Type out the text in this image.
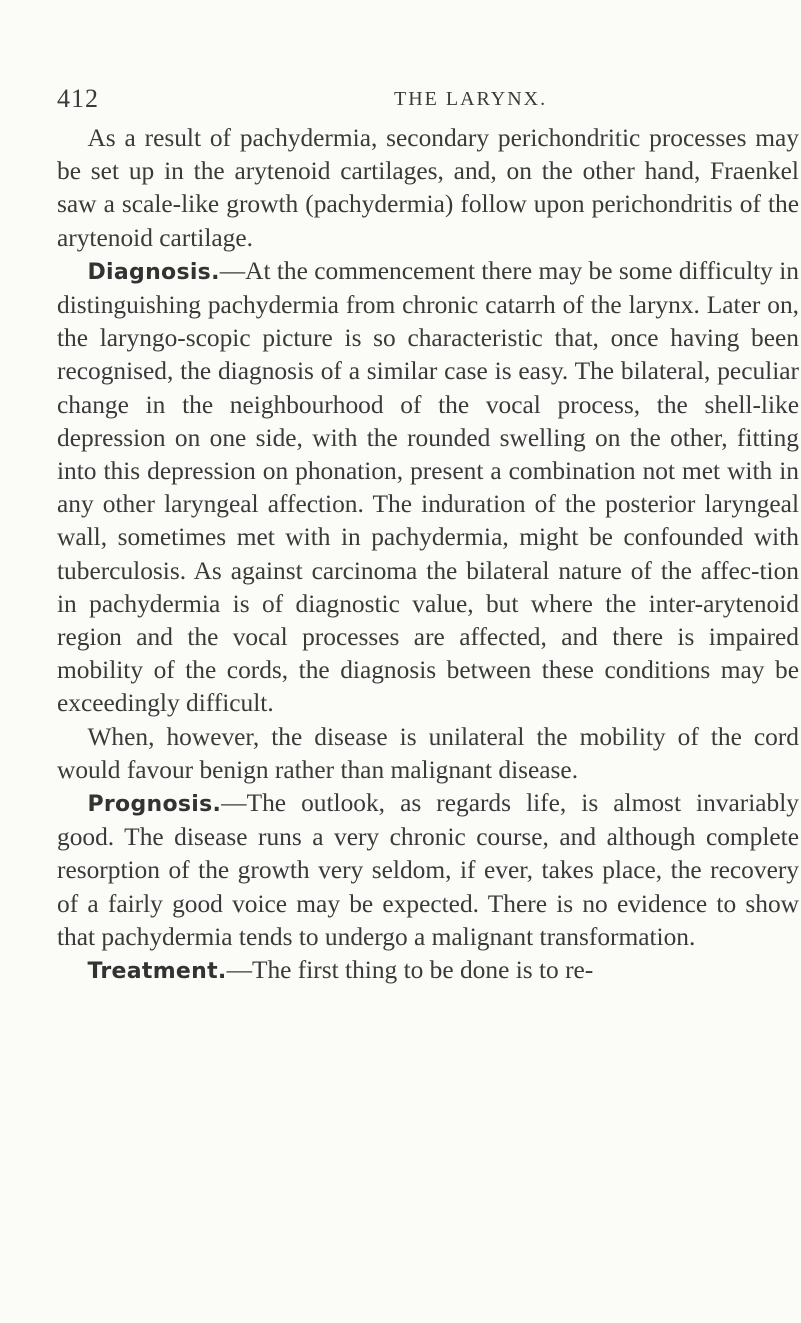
412	THE LARYNX.

As a result of pachydermia, secondary perichondritic processes may be set up in the arytenoid cartilages, and, on the other hand, Fraenkel saw a scale-like growth (pachydermia) follow upon perichondritis of the arytenoid cartilage.

Diagnosis.—At the commencement there may be some difficulty in distinguishing pachydermia from chronic catarrh of the larynx. Later on, the laryngo-scopic picture is so characteristic that, once having been recognised, the diagnosis of a similar case is easy. The bilateral, peculiar change in the neighbourhood of the vocal process, the shell-like depression on one side, with the rounded swelling on the other, fitting into this depression on phonation, present a combination not met with in any other laryngeal affection. The induration of the posterior laryngeal wall, sometimes met with in pachydermia, might be confounded with tuberculosis. As against carcinoma the bilateral nature of the affec-tion in pachydermia is of diagnostic value, but where the inter-arytenoid region and the vocal processes are affected, and there is impaired mobility of the cords, the diagnosis between these conditions may be exceedingly difficult.

When, however, the disease is unilateral the mobility of the cord would favour benign rather than malignant disease.

Prognosis.—The outlook, as regards life, is almost invariably good. The disease runs a very chronic course, and although complete resorption of the growth very seldom, if ever, takes place, the recovery of a fairly good voice may be expected. There is no evidence to show that pachydermia tends to undergo a malignant transformation.

Treatment.—The first thing to be done is to re-
